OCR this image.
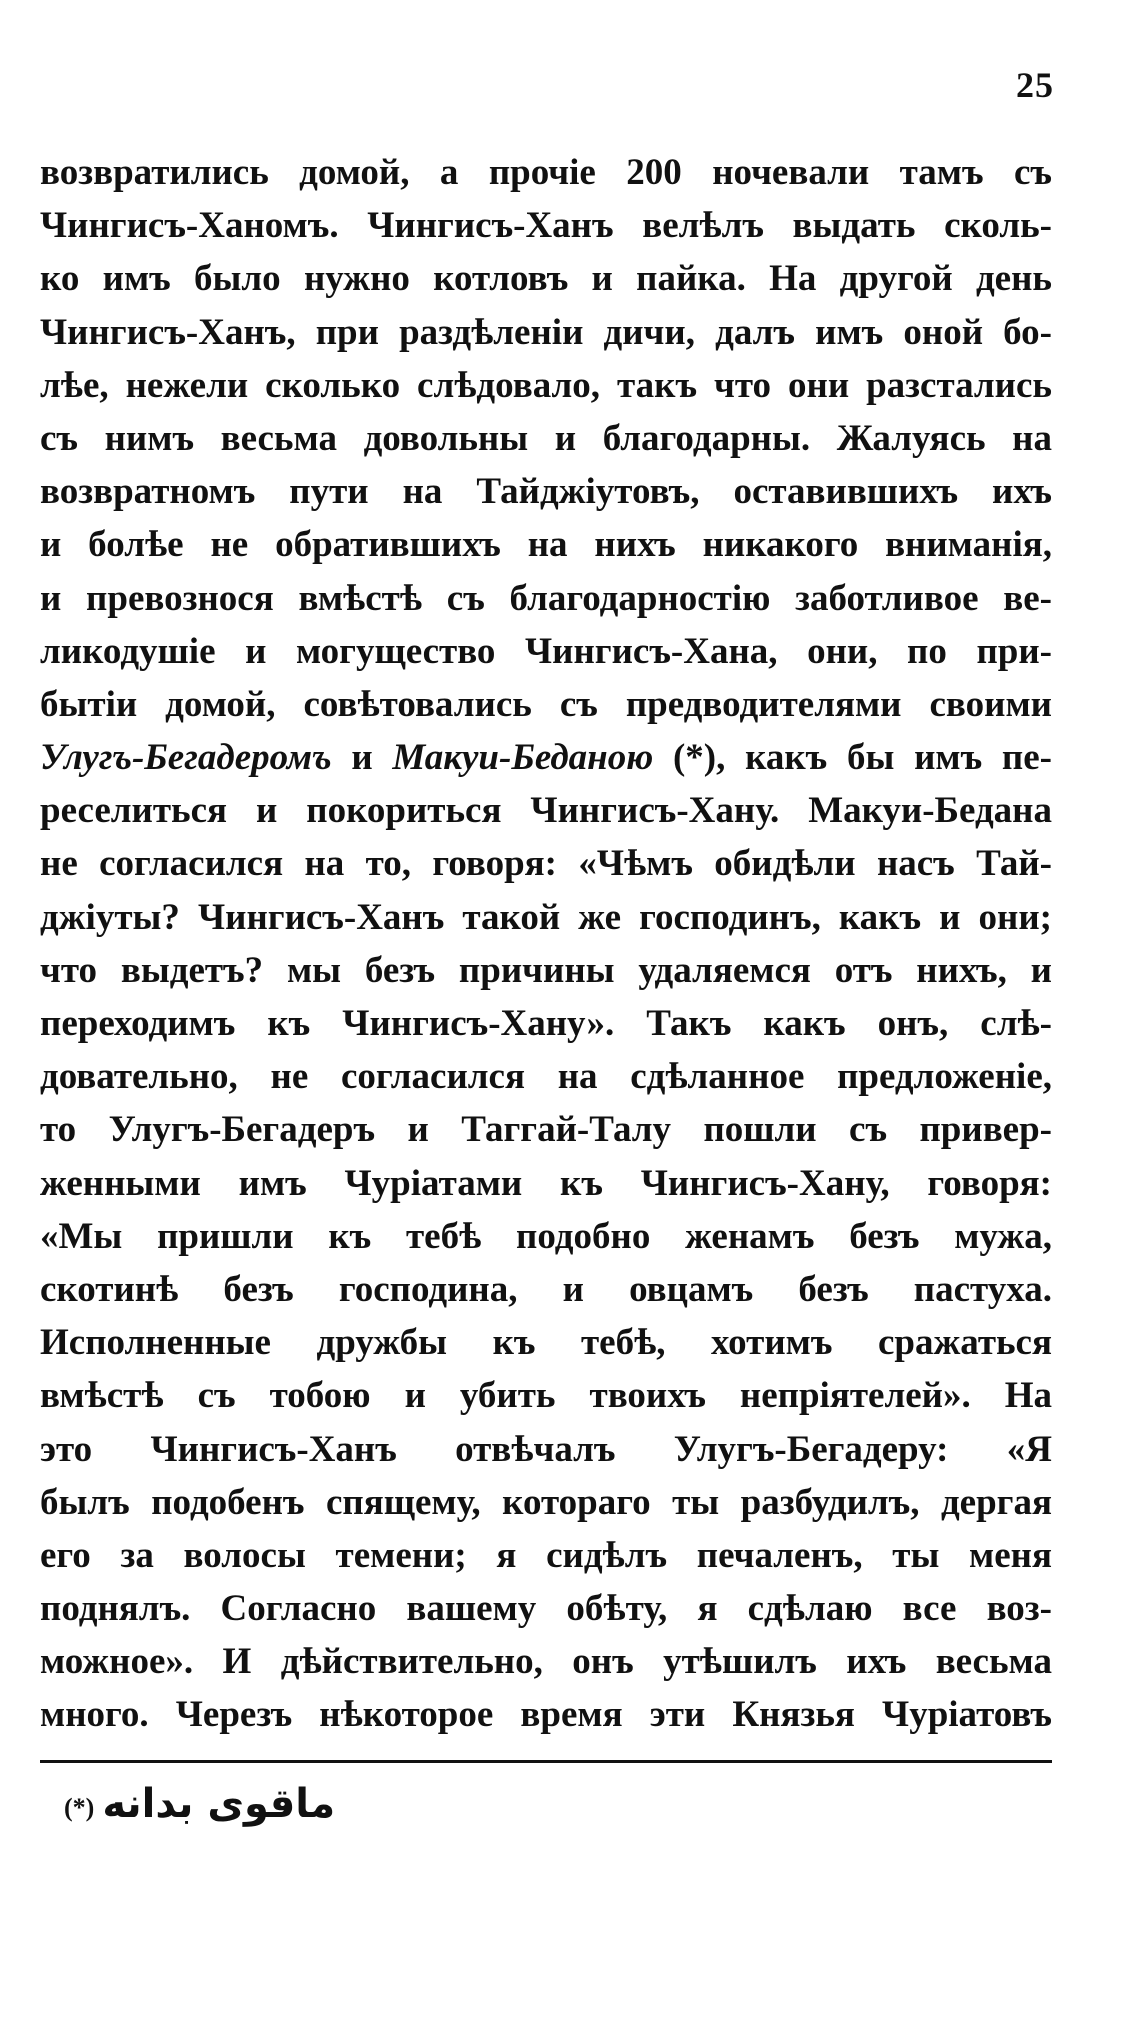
25
возвратились домой, а прочіе 200 ночевали тамъ съ
Чингисъ-Ханомъ. Чингисъ-Ханъ велѣлъ выдать сколь-
ко имъ было нужно котловъ и пайка. На другой день
Чингисъ-Ханъ, при раздѣленіи дичи, далъ имъ оной бо-
лѣе, нежели сколько слѣдовало, такъ что они разстались
съ нимъ весьма довольны и благодарны. Жалуясь на
возвратномъ пути на Тайджіутовъ, оставившихъ ихъ
и болѣе не обратившихъ на нихъ никакого вниманія,
и превознося вмѣстѣ съ благодарностію заботливое ве-
ликодушіе и могущество Чингисъ-Хана, они, по при-
бытіи домой, совѣтовались съ предводителями своими
Улугъ-Бегадеромъ и Макуи-Беданою (*), какъ бы имъ пе-
реселиться и покориться Чингисъ-Хану. Макуи-Бедана
не согласился на то, говоря: «Чѣмъ обидѣли насъ Тай-
джіуты? Чингисъ-Ханъ такой же господинъ, какъ и они;
что выдетъ? мы безъ причины удаляемся отъ нихъ, и
переходимъ къ Чингисъ-Хану». Такъ какъ онъ, слѣ-
довательно, не согласился на сдѣланное предложеніе,
то Улугъ-Бегадеръ и Таггай-Талу пошли съ привер-
женными имъ Чуріатами къ Чингисъ-Хану, говоря:
«Мы пришли къ тебѣ подобно женамъ безъ мужа,
скотинѣ безъ господина, и овцамъ безъ пастуха.
Исполненные дружбы къ тебѣ, хотимъ сражаться
вмѣстѣ съ тобою и убить твоихъ непріятелей». На
это Чингисъ-Ханъ отвѣчалъ Улугъ-Бегадеру: «Я
былъ подобенъ спящему, котораго ты разбудилъ, дергая
его за волосы темени; я сидѣлъ печаленъ, ты меня
поднялъ. Согласно вашему обѣту, я сдѣлаю все воз-
можное». И дѣйствительно, онъ утѣшилъ ихъ весьма
много. Черезъ нѣкоторое время эти Князья Чуріатовъ
(*) ماقوى بدانه
